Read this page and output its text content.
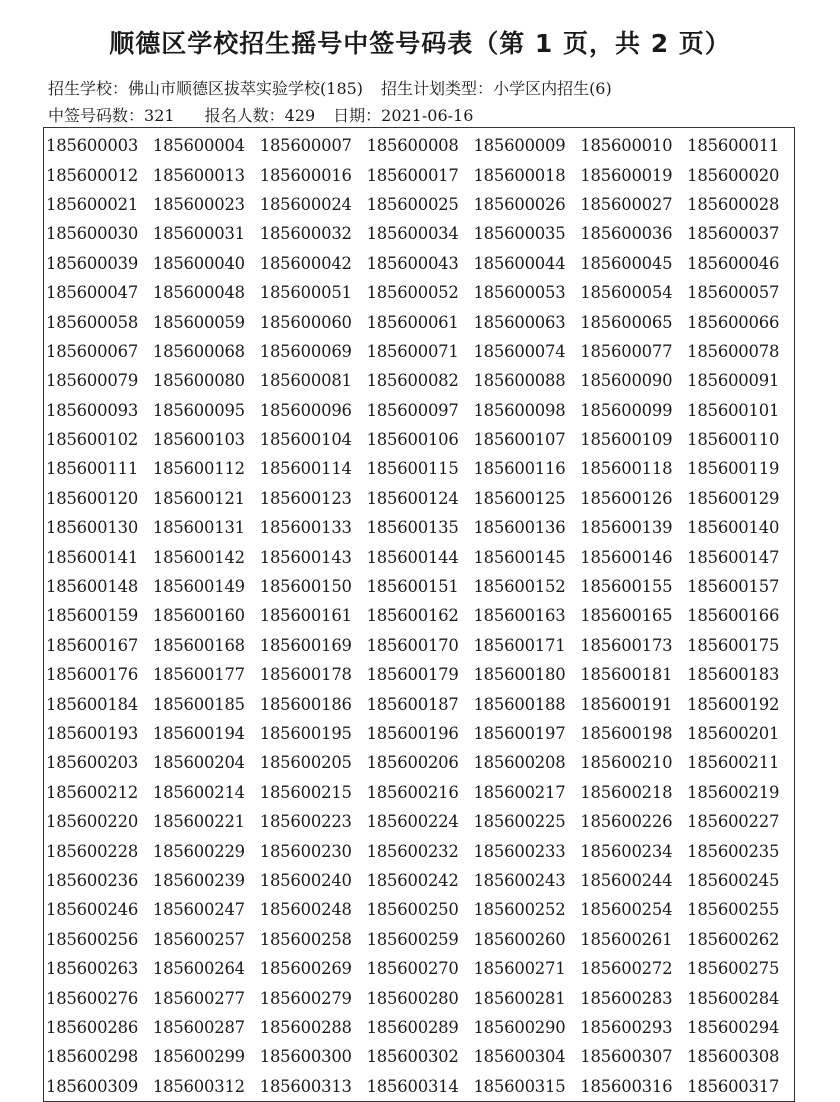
顺德区学校招生摇号中签号码表（第 1 页，共 2 页）
招生学校：佛山市顺德区拔萃实验学校(185) 招生计划类型：小学区内招生(6)
中签号码数：321 报名人数：429 日期：2021-06-16
185600003 185600004 185600007 185600008 185600009 185600010 185600011
185600012 185600013 185600016 185600017 185600018 185600019 185600020
185600021 185600023 185600024 185600025 185600026 185600027 185600028
185600030 185600031 185600032 185600034 185600035 185600036 185600037
185600039 185600040 185600042 185600043 185600044 185600045 185600046
185600047 185600048 185600051 185600052 185600053 185600054 185600057
185600058 185600059 185600060 185600061 185600063 185600065 185600066
185600067 185600068 185600069 185600071 185600074 185600077 185600078
185600079 185600080 185600081 185600082 185600088 185600090 185600091
185600093 185600095 185600096 185600097 185600098 185600099 185600101
185600102 185600103 185600104 185600106 185600107 185600109 185600110
185600111 185600112 185600114 185600115 185600116 185600118 185600119
185600120 185600121 185600123 185600124 185600125 185600126 185600129
185600130 185600131 185600133 185600135 185600136 185600139 185600140
185600141 185600142 185600143 185600144 185600145 185600146 185600147
185600148 185600149 185600150 185600151 185600152 185600155 185600157
185600159 185600160 185600161 185600162 185600163 185600165 185600166
185600167 185600168 185600169 185600170 185600171 185600173 185600175
185600176 185600177 185600178 185600179 185600180 185600181 185600183
185600184 185600185 185600186 185600187 185600188 185600191 185600192
185600193 185600194 185600195 185600196 185600197 185600198 185600201
185600203 185600204 185600205 185600206 185600208 185600210 185600211
185600212 185600214 185600215 185600216 185600217 185600218 185600219
185600220 185600221 185600223 185600224 185600225 185600226 185600227
185600228 185600229 185600230 185600232 185600233 185600234 185600235
185600236 185600239 185600240 185600242 185600243 185600244 185600245
185600246 185600247 185600248 185600250 185600252 185600254 185600255
185600256 185600257 185600258 185600259 185600260 185600261 185600262
185600263 185600264 185600269 185600270 185600271 185600272 185600275
185600276 185600277 185600279 185600280 185600281 185600283 185600284
185600286 185600287 185600288 185600289 185600290 185600293 185600294
185600298 185600299 185600300 185600302 185600304 185600307 185600308
185600309 185600312 185600313 185600314 185600315 185600316 185600317
